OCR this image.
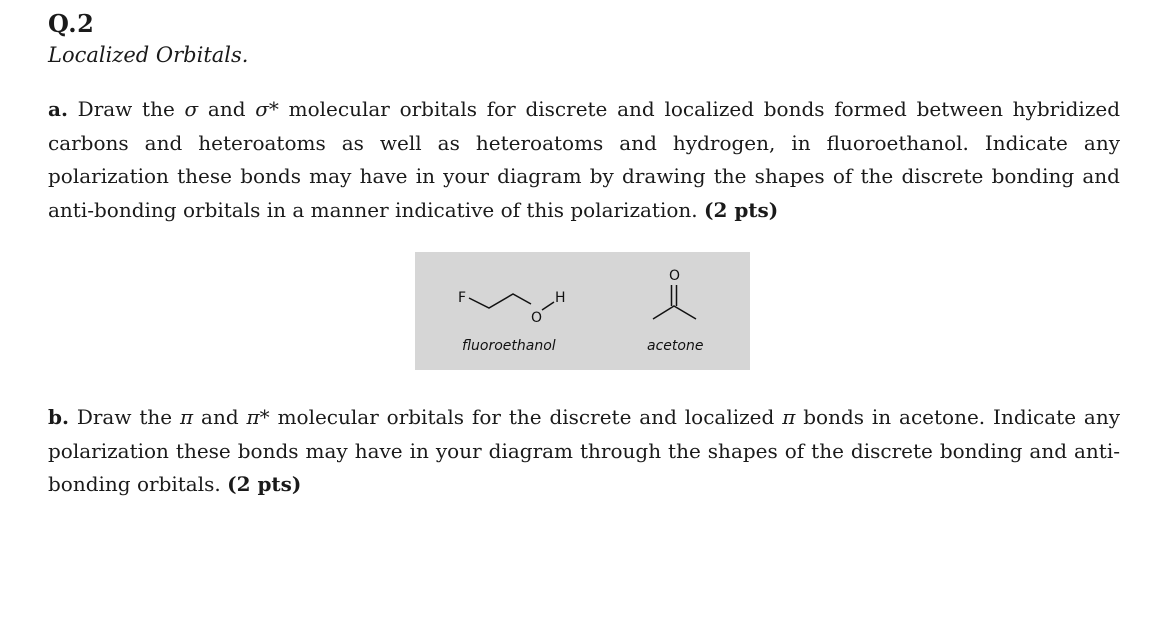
Q.2
Localized Orbitals.
a. Draw the σ and σ* molecular orbitals for discrete and localized bonds formed between hybridized carbons and heteroatoms as well as heteroatoms and hydrogen, in fluoroethanol. Indicate any polarization these bonds may have in your diagram by drawing the shapes of the discrete bonding and anti-bonding orbitals in a manner indicative of this polarization. (2 pts)
F
O
H
O
fluoroethanol	acetone
b. Draw the π and π* molecular orbitals for the discrete and localized π bonds in acetone. Indicate any polarization these bonds may have in your diagram through the shapes of the discrete bonding and anti-bonding orbitals. (2 pts)
